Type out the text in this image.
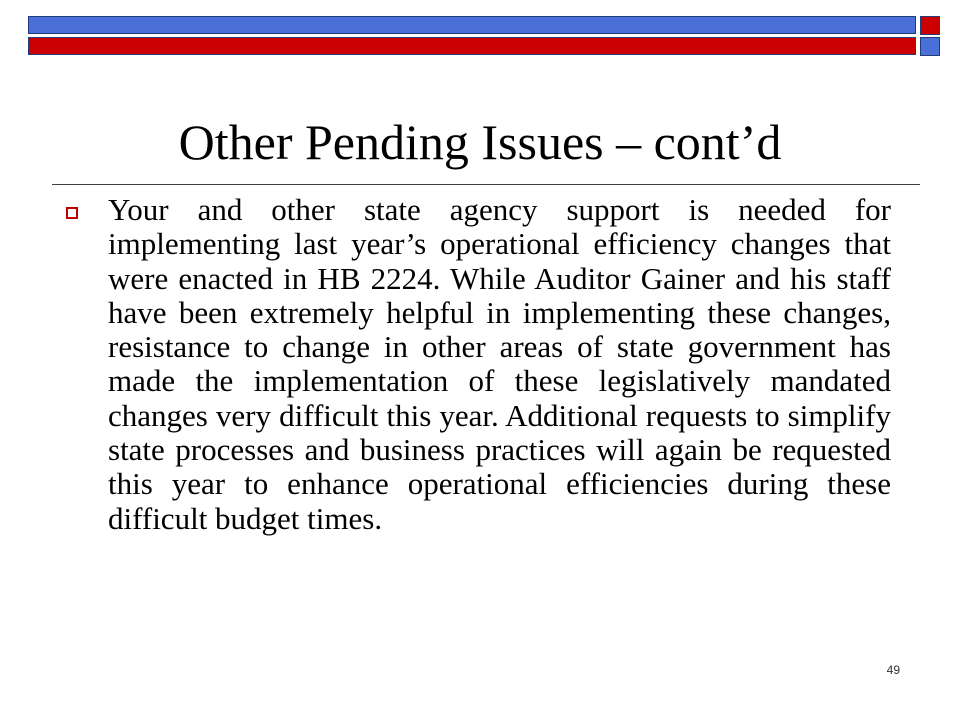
Other Pending Issues – cont’d

Your and other state agency support is needed for implementing last year’s operational efficiency changes that were enacted in HB 2224. While Auditor Gainer and his staff have been extremely helpful in implementing these changes, resistance to change in other areas of state government has made the implementation of these legislatively mandated changes very difficult this year. Additional requests to simplify state processes and business practices will again be requested this year to enhance operational efficiencies during these difficult budget times.

49
